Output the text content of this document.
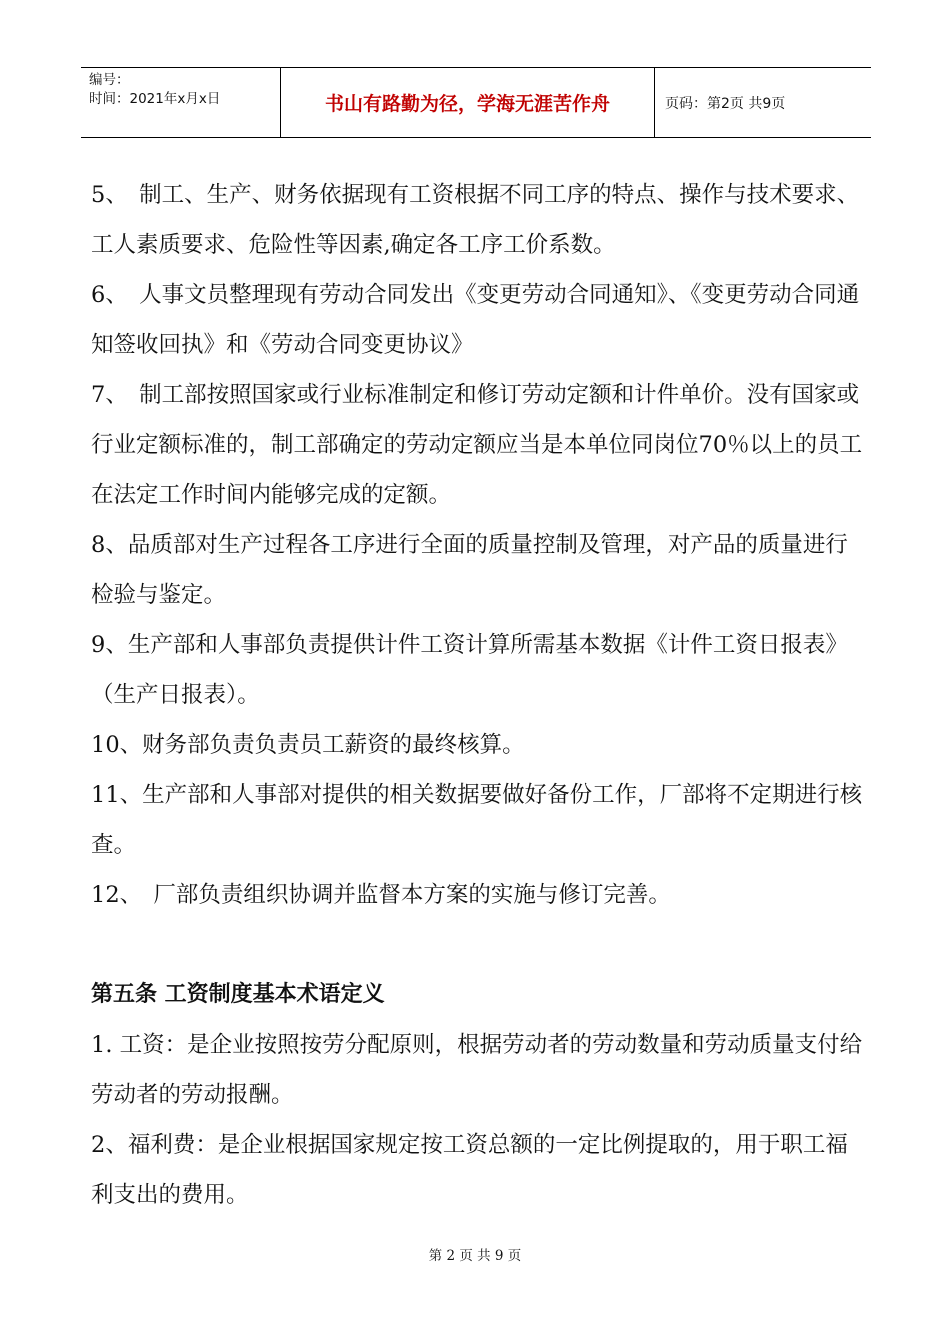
编号：
时间：2021年x月x日	书山有路勤为径，学海无涯苦作舟	页码：第2页 共9页

5、　制工、生产、财务依据现有工资根据不同工序的特点、操作与技术要求、工人素质要求、危险性等因素,确定各工序工价系数。

6、　人事文员整理现有劳动合同发出《变更劳动合同通知》、《变更劳动合同通知签收回执》和《劳动合同变更协议》

7、　制工部按照国家或行业标准制定和修订劳动定额和计件单价。没有国家或行业定额标准的，制工部确定的劳动定额应当是本单位同岗位70％以上的员工在法定工作时间内能够完成的定额。

8、品质部对生产过程各工序进行全面的质量控制及管理，对产品的质量进行检验与鉴定。

9、生产部和人事部负责提供计件工资计算所需基本数据《计件工资日报表》（生产日报表）。

10、财务部负责负责员工薪资的最终核算。

11、生产部和人事部对提供的相关数据要做好备份工作，厂部将不定期进行核查。

12、　厂部负责组织协调并监督本方案的实施与修订完善。

第五条 工资制度基本术语定义

1. 工资：是企业按照按劳分配原则，根据劳动者的劳动数量和劳动质量支付给劳动者的劳动报酬。

2、福利费：是企业根据国家规定按工资总额的一定比例提取的，用于职工福利支出的费用。

第 2 页 共 9 页
